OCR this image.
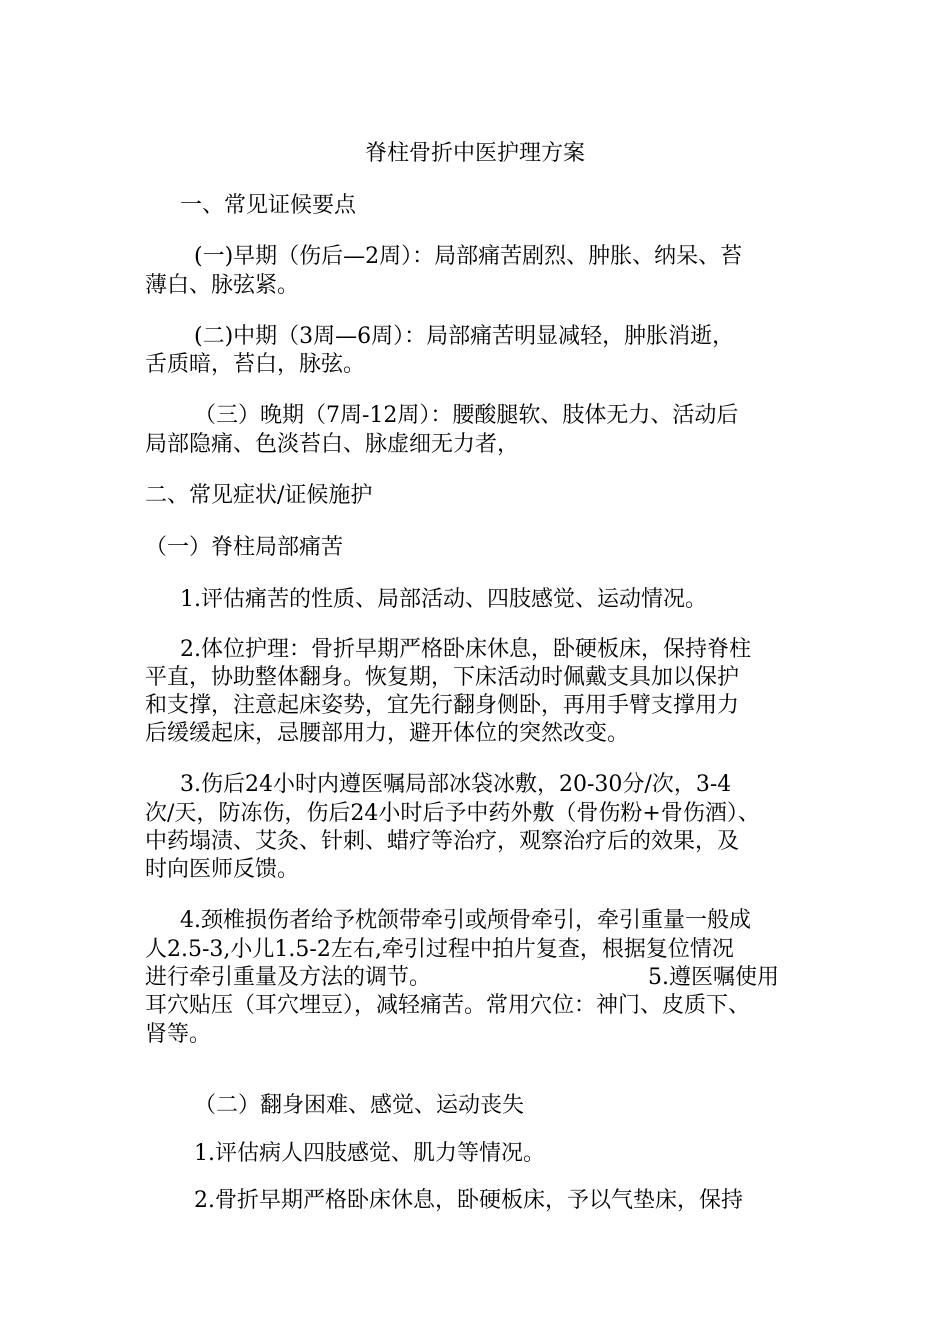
脊柱骨折中医护理方案
一、常见证候要点
(一)早期（伤后—2周）：局部痛苦剧烈、肿胀、纳呆、苔
薄白、脉弦紧。
(二)中期（3周—6周）：局部痛苦明显减轻，肿胀消逝，
舌质暗，苔白，脉弦。
（三）晚期（7周-12周）：腰酸腿软、肢体无力、活动后
局部隐痛、色淡苔白、脉虚细无力者，
二、常见症状/证候施护
（一）脊柱局部痛苦
1.评估痛苦的性质、局部活动、四肢感觉、运动情况。
2.体位护理：骨折早期严格卧床休息，卧硬板床，保持脊柱
平直，协助整体翻身。恢复期，下床活动时佩戴支具加以保护
和支撑，注意起床姿势，宜先行翻身侧卧，再用手臂支撑用力
后缓缓起床，忌腰部用力，避开体位的突然改变。
3.伤后24小时内遵医嘱局部冰袋冰敷，20-30分/次，3-4
次/天，防冻伤，伤后24小时后予中药外敷（骨伤粉+骨伤酒）、
中药塌渍、艾灸、针刺、蜡疗等治疗，观察治疗后的效果，及
时向医师反馈。
4.颈椎损伤者给予枕颌带牵引或颅骨牵引，牵引重量一般成
人2.5-3,小儿1.5-2左右,牵引过程中拍片复查，根据复位情况
进行牵引重量及方法的调节。	5.遵医嘱使用
耳穴贴压（耳穴埋豆），减轻痛苦。常用穴位：神门、皮质下、
肾等。
（二）翻身困难、感觉、运动丧失
1.评估病人四肢感觉、肌力等情况。
2.骨折早期严格卧床休息，卧硬板床，予以气垫床，保持
